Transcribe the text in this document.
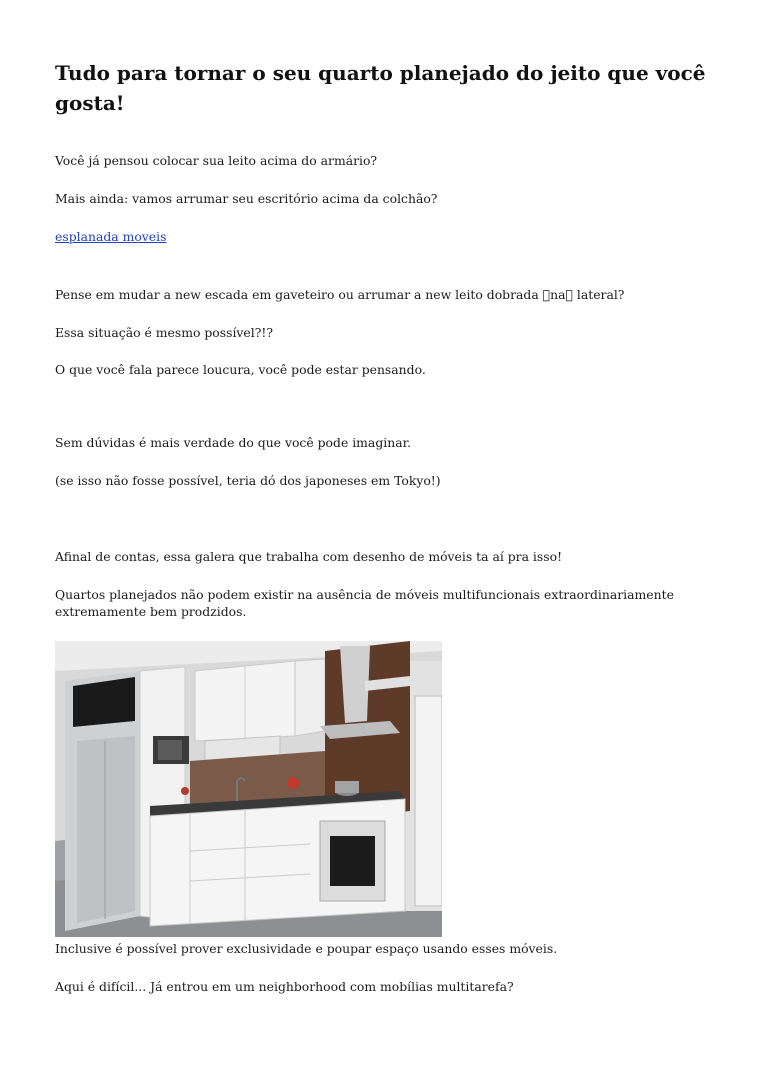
Tudo para tornar o seu quarto planejado do jeito que você gosta!

Você já pensou colocar sua leito acima do armário?

Mais ainda: vamos arrumar seu escritório acima da colchão?

esplanada moveis

Pense em mudar a new escada em gaveteiro ou arrumar a new leito dobrada  na  lateral?

Essa situação é mesmo possível?!?

O que você fala parece loucura, você pode estar pensando.

Sem dúvidas é mais verdade do que você pode imaginar.

(se isso não fosse possível, teria dó dos japoneses em Tokyo!)

Afinal de contas, essa galera que trabalha com desenho de móveis ta aí pra isso!

Quartos planejados não podem existir na ausência de móveis multifuncionais extraordinariamente extremamente bem prodzidos.

Inclusive é possível prover exclusividade e poupar espaço usando esses móveis.

Aqui é difícil... Já entrou em um neighborhood com mobílias multitarefa?
